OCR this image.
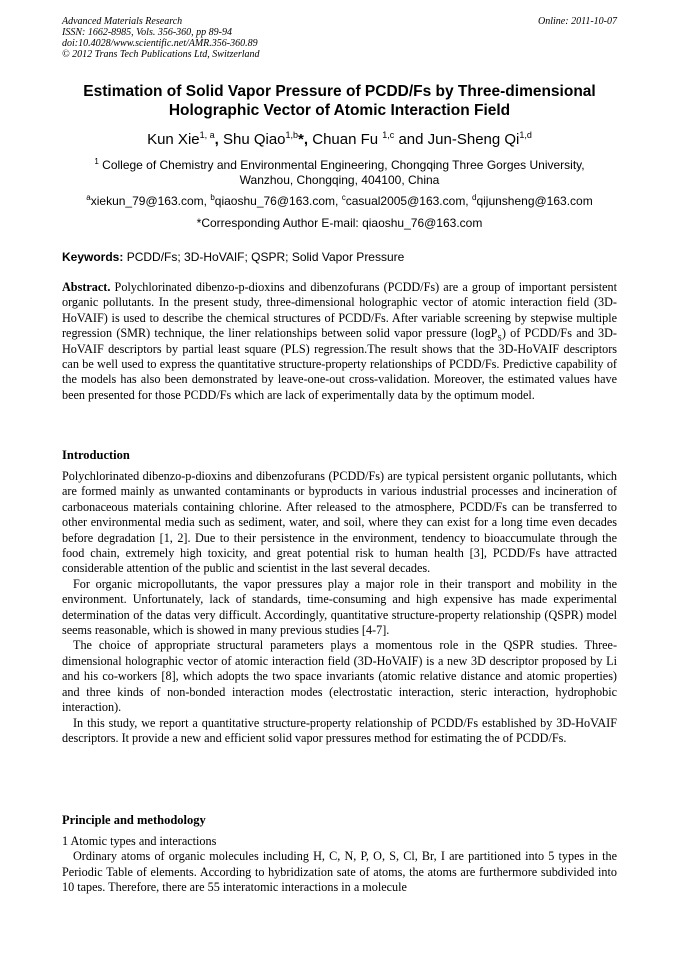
Advanced Materials Research
ISSN: 1662-8985, Vols. 356-360, pp 89-94
doi:10.4028/www.scientific.net/AMR.356-360.89
© 2012 Trans Tech Publications Ltd, Switzerland
Online: 2011-10-07
Estimation of Solid Vapor Pressure of PCDD/Fs by Three-dimensional
Holographic Vector of Atomic Interaction Field
Kun Xie$^{1, a}$, Shu Qiao$^{1,b}$*, Chuan Fu $^{1,c}$ and Jun-Sheng Qi$^{1,d}$
$^1$ College of Chemistry and Environmental Engineering, Chongqing Three Gorges University,
Wanzhou, Chongqing, 404100, China
$^a$xiekun_79@163.com, $^b$qiaoshu_76@163.com, $^c$casual2005@163.com, $^d$qijunsheng@163.com
*Corresponding Author E-mail: qiaoshu_76@163.com
Keywords: PCDD/Fs; 3D-HoVAIF; QSPR; Solid Vapor Pressure

Abstract. Polychlorinated dibenzo-p-dioxins and dibenzofurans (PCDD/Fs) are a group of important persistent organic pollutants. In the present study, three-dimensional holographic vector of atomic interaction field (3D-HoVAIF) is used to describe the chemical structures of PCDD/Fs. After variable screening by stepwise multiple regression (SMR) technique, the liner relationships between solid vapor pressure (logP$_S$) of PCDD/Fs and 3D-HoVAIF descriptors by partial least square (PLS) regression.The result shows that the 3D-HoVAIF descriptors can be well used to express the quantitative structure-property relationships of PCDD/Fs. Predictive capability of the models has also been demonstrated by leave-one-out cross-validation. Moreover, the estimated values have been presented for those PCDD/Fs which are lack of experimentally data by the optimum model.

Introduction

Polychlorinated dibenzo-p-dioxins and dibenzofurans (PCDD/Fs) are typical persistent organic pollutants, which are formed mainly as unwanted contaminants or byproducts in various industrial processes and incineration of carbonaceous materials containing chlorine. After released to the atmosphere, PCDD/Fs can be transferred to other environmental media such as sediment, water, and soil, where they can exist for a long time even decades before degradation [1, 2]. Due to their persistence in the environment, tendency to bioaccumulate through the food chain, extremely high toxicity, and great potential risk to human health [3], PCDD/Fs have attracted considerable attention of the public and scientist in the last several decades.

For organic micropollutants, the vapor pressures play a major role in their transport and mobility in the environment. Unfortunately, lack of standards, time-consuming and high expensive has made experimental determination of the datas very difficult. Accordingly, quantitative structure-property relationship (QSPR) model seems reasonable, which is showed in many previous studies [4-7].

The choice of appropriate structural parameters plays a momentous role in the QSPR studies. Three-dimensional holographic vector of atomic interaction field (3D-HoVAIF) is a new 3D descriptor proposed by Li and his co-workers [8], which adopts the two space invariants (atomic relative distance and atomic properties) and three kinds of non-bonded interaction modes (electrostatic interaction, steric interaction, hydrophobic interaction).

In this study, we report a quantitative structure-property relationship of PCDD/Fs established by 3D-HoVAIF descriptors. It provide a new and efficient solid vapor pressures method for estimating the of PCDD/Fs.

Principle and methodology

1 Atomic types and interactions

Ordinary atoms of organic molecules including H, C, N, P, O, S, Cl, Br, I are partitioned into 5 types in the Periodic Table of elements. According to hybridization sate of atoms, the atoms are furthermore subdivided into 10 tapes. Therefore, there are 55 interatomic interactions in a molecule
